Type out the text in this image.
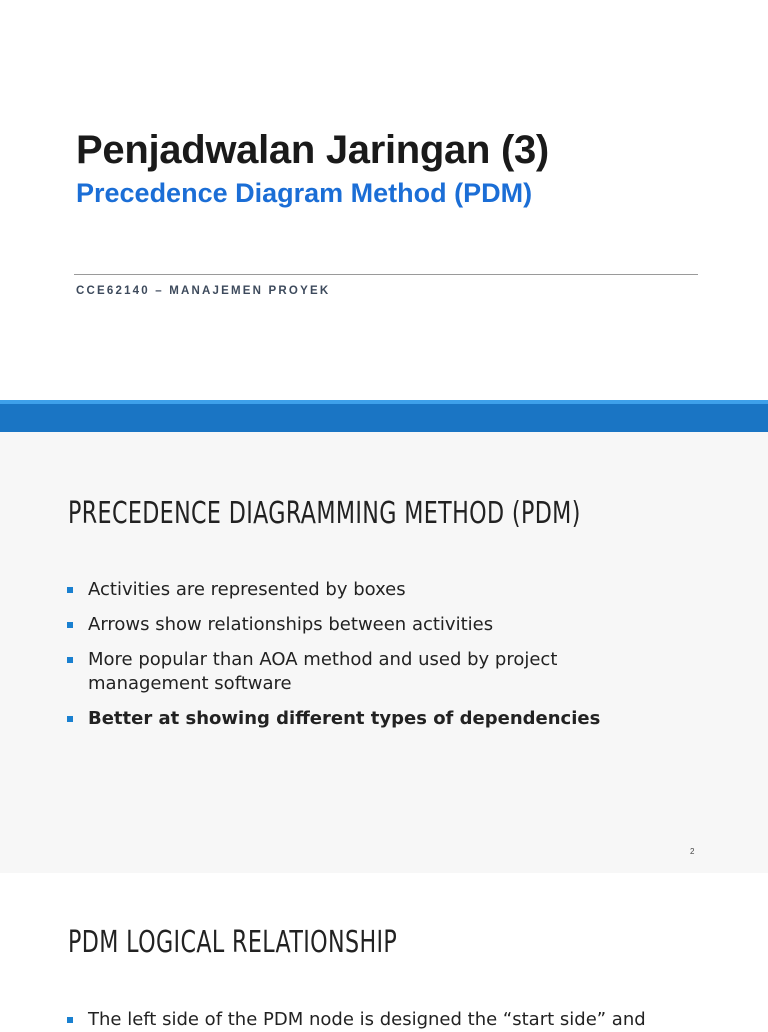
Penjadwalan Jaringan (3)
Precedence Diagram Method (PDM)
CCE62140 – MANAJEMEN PROYEK
PRECEDENCE DIAGRAMMING METHOD (PDM)
Activities are represented by boxes
Arrows show relationships between activities
More popular than AOA method and used by project management software
Better at showing different types of dependencies
2
PDM LOGICAL RELATIONSHIP
The left side of the PDM node is designed the “start side” and
